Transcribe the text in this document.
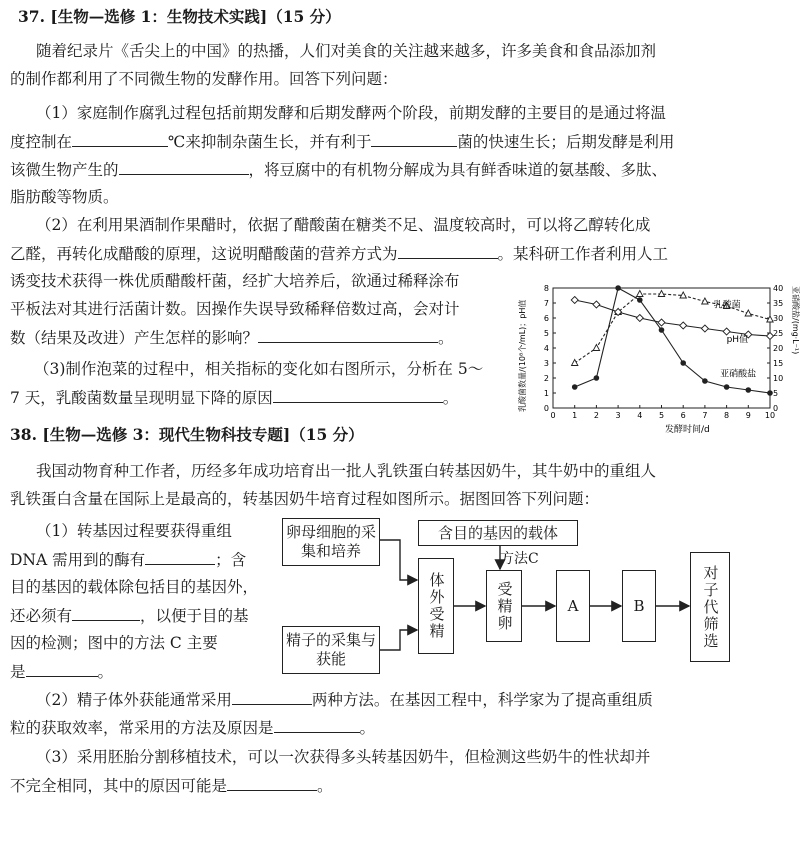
37. [生物—选修 1：生物技术实践]（15 分）
随着纪录片《舌尖上的中国》的热播，人们对美食的关注越来越多，许多美食和食品添加剂
的制作都利用了不同微生物的发酵作用。回答下列问题：
（1）家庭制作腐乳过程包括前期发酵和后期发酵两个阶段，前期发酵的主要目的是通过将温
度控制在	℃来抑制杂菌生长，并有利于	菌的快速生长；后期发酵是利用
该微生物产生的	，将豆腐中的有机物分解成为具有鲜香味道的氨基酸、多肽、
脂肪酸等物质。
（2）在利用果酒制作果醋时，依据了醋酸菌在糖类不足、温度较高时，可以将乙醇转化成
乙醛，再转化成醋酸的原理，这说明醋酸菌的营养方式为	。某科研工作者利用人工
诱变技术获得一株优质醋酸杆菌，经扩大培养后，欲通过稀释涂布
平板法对其进行活菌计数。因操作失误导致稀释倍数过高，会对计
数（结果及改进）产生怎样的影响？	。
（3)制作泡菜的过程中，相关指标的变化如右图所示，分析在 5～
7 天，乳酸菌数量呈现明显下降的原因	。	乳酸菌数量/(10⁸个/mL)；pH值	亚硝酸盐/(mg·L⁻¹)
发酵时间/d
0
1
2
3
4
5
6
7
8
0
5
10
15
20
25
30
35
40
0 1 2 3 4 5 6 7 8 9 10
乳酸菌
pH值
亚硝酸盐
38. [生物—选修 3：现代生物科技专题]（15 分）
我国动物育种工作者，历经多年成功培育出一批人乳铁蛋白转基因奶牛，其牛奶中的重组人
乳铁蛋白含量在国际上是最高的，转基因奶牛培育过程如图所示。据图回答下列问题：
（1）转基因过程要获得重组
DNA 需用到的酶有	；含
目的基因的载体除包括目的基因外，
还必须有	，以便于目的基
因的检测；图中的方法 C 主要
是	。
卵母细胞的采集和培养
精子的采集与获能
体外受精
含目的基因的载体
方法C
受精卵	A	B	对子代筛选
（2）精子体外获能通常采用	两种方法。在基因工程中，科学家为了提高重组质
粒的获取效率，常采用的方法及原因是	。
（3）采用胚胎分割移植技术，可以一次获得多头转基因奶牛，但检测这些奶牛的性状却并
不完全相同，其中的原因可能是	。
